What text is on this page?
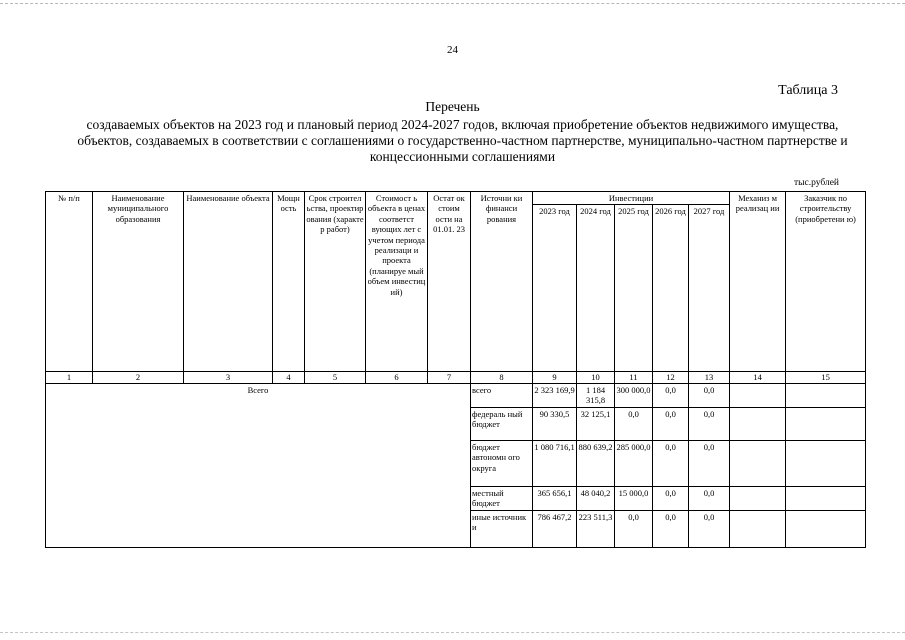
24
Таблица 3
Перечень
создаваемых объектов на 2023 год и плановый период 2024-2027 годов, включая приобретение объектов недвижимого имущества, объектов, создаваемых в соответствии с соглашениями о государственно-частном партнерстве, муниципально-частном партнерстве и концессионными соглашениями
тыс.рублей
№ п/п	Наименование муниципального образования	Наименование объекта	Мощн ость	Срок строител ьства, проектир ования (характе р работ)	Стоимост ь объекта в ценах соответст вующих лет с учетом периода реализаци и проекта (планируе мый объем инвестиц ий)	Остат ок стоим ости на 01.01. 23	Источни ки финанси рования	Инвестиции					Механиз м реализац ии	Заказчик по строительству (приобретени ю)
								2023 год	2024 год	2025 год	2026 год	2027 год		
1	2	3	4	5	6	7	8	9	10	11	12	13	14	15
Всего							всего	2 323 169,9	1 184 315,8	300 000,0	0,0	0,0		
							федераль ный бюджет	90 330,5	32 125,1	0,0	0,0	0,0		
							бюджет автономн ого округа	1 080 716,1	880 639,2	285 000,0	0,0	0,0		
							местный бюджет	365 656,1	48 040,2	15 000,0	0,0	0,0		
							иные источник и	786 467,2	223 511,3	0,0	0,0	0,0		
